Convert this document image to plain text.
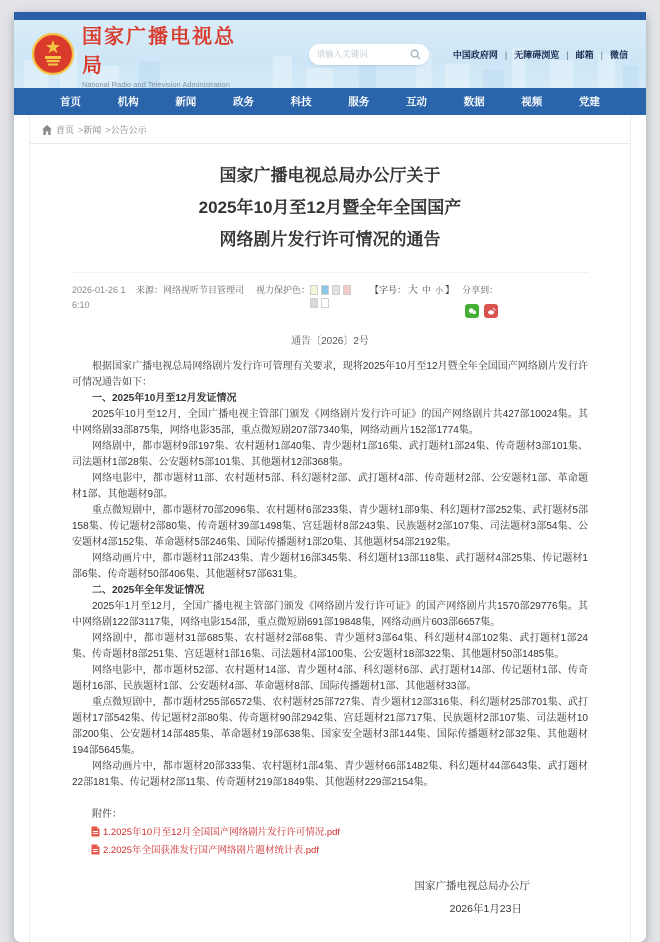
国家广播电视总局
National Radio and Television Administration
请输入关键词
中国政府网 |	无障碍浏览 |	邮箱 |	微信
首页	机构	新闻	政务	科技	服务	互动	数据	视频	党建
首页 >	新闻 >	公告公示
国家广播电视总局办公厅关于
2025年10月至12月暨全年全国国产
网络剧片发行许可情况的通告
2026-01-26 16:10
来源：网络视听节目管理司 视力保护色：	【字号： 大 中 小 】 分享到：
通告〔2026〕2号

根据国家广播电视总局网络剧片发行许可管理有关要求，现将2025年10月至12月暨全年全国国产网络剧片发行许可情况通告如下：

一、2025年10月至12月发证情况

2025年10月至12月，全国广播电视主管部门颁发《网络剧片发行许可证》的国产网络剧片共427部10024集。其中网络剧33部875集，网络电影35部，重点微短剧207部7340集，网络动画片152部1774集。

网络剧中，都市题材9部197集、农村题材1部40集、青少题材1部16集、武打题材1部24集、传奇题材3部101集、司法题材1部28集、公安题材5部101集、其他题材12部368集。

网络电影中，都市题材11部、农村题材5部、科幻题材2部、武打题材4部、传奇题材2部、公安题材1部、革命题材1部、其他题材9部。

重点微短剧中，都市题材70部2096集、农村题材6部233集、青少题材1部9集、科幻题材7部252集、武打题材5部158集、传记题材2部80集、传奇题材39部1498集、宫廷题材8部243集、民族题材2部107集、司法题材3部54集、公安题材4部152集、革命题材5部246集、国际传播题材1部20集、其他题材54部2192集。

网络动画片中，都市题材11部243集、青少题材16部345集、科幻题材13部118集、武打题材4部25集、传记题材1部6集、传奇题材50部406集、其他题材57部631集。

二、2025年全年发证情况

2025年1月至12月，全国广播电视主管部门颁发《网络剧片发行许可证》的国产网络剧片共1570部29776集。其中网络剧122部3117集，网络电影154部，重点微短剧691部19848集，网络动画片603部6657集。

网络剧中，都市题材31部685集、农村题材2部68集、青少题材3部64集、科幻题材4部102集、武打题材1部24集、传奇题材8部251集、宫廷题材1部16集、司法题材4部100集、公安题材18部322集、其他题材50部1485集。

网络电影中，都市题材52部、农村题材14部、青少题材4部、科幻题材6部、武打题材14部、传记题材1部、传奇题材16部、民族题材1部、公安题材4部、革命题材8部、国际传播题材1部、其他题材33部。

重点微短剧中，都市题材255部6572集、农村题材25部727集、青少题材12部316集、科幻题材25部701集、武打题材17部542集、传记题材2部80集、传奇题材90部2942集、宫廷题材21部717集、民族题材2部107集、司法题材10部200集、公安题材14部485集、革命题材19部638集、国家安全题材3部144集、国际传播题材2部32集、其他题材194部5645集。

网络动画片中，都市题材20部333集、农村题材1部4集、青少题材66部1482集、科幻题材44部643集、武打题材22部181集、传记题材2部11集、传奇题材219部1849集、其他题材229部2154集。

附件：
1.2025年10月至12月全国国产网络剧片发行许可情况.pdf
2.2025年全国获准发行国产网络剧片题材统计表.pdf
国家广播电视总局办公厅
2026年1月23日
